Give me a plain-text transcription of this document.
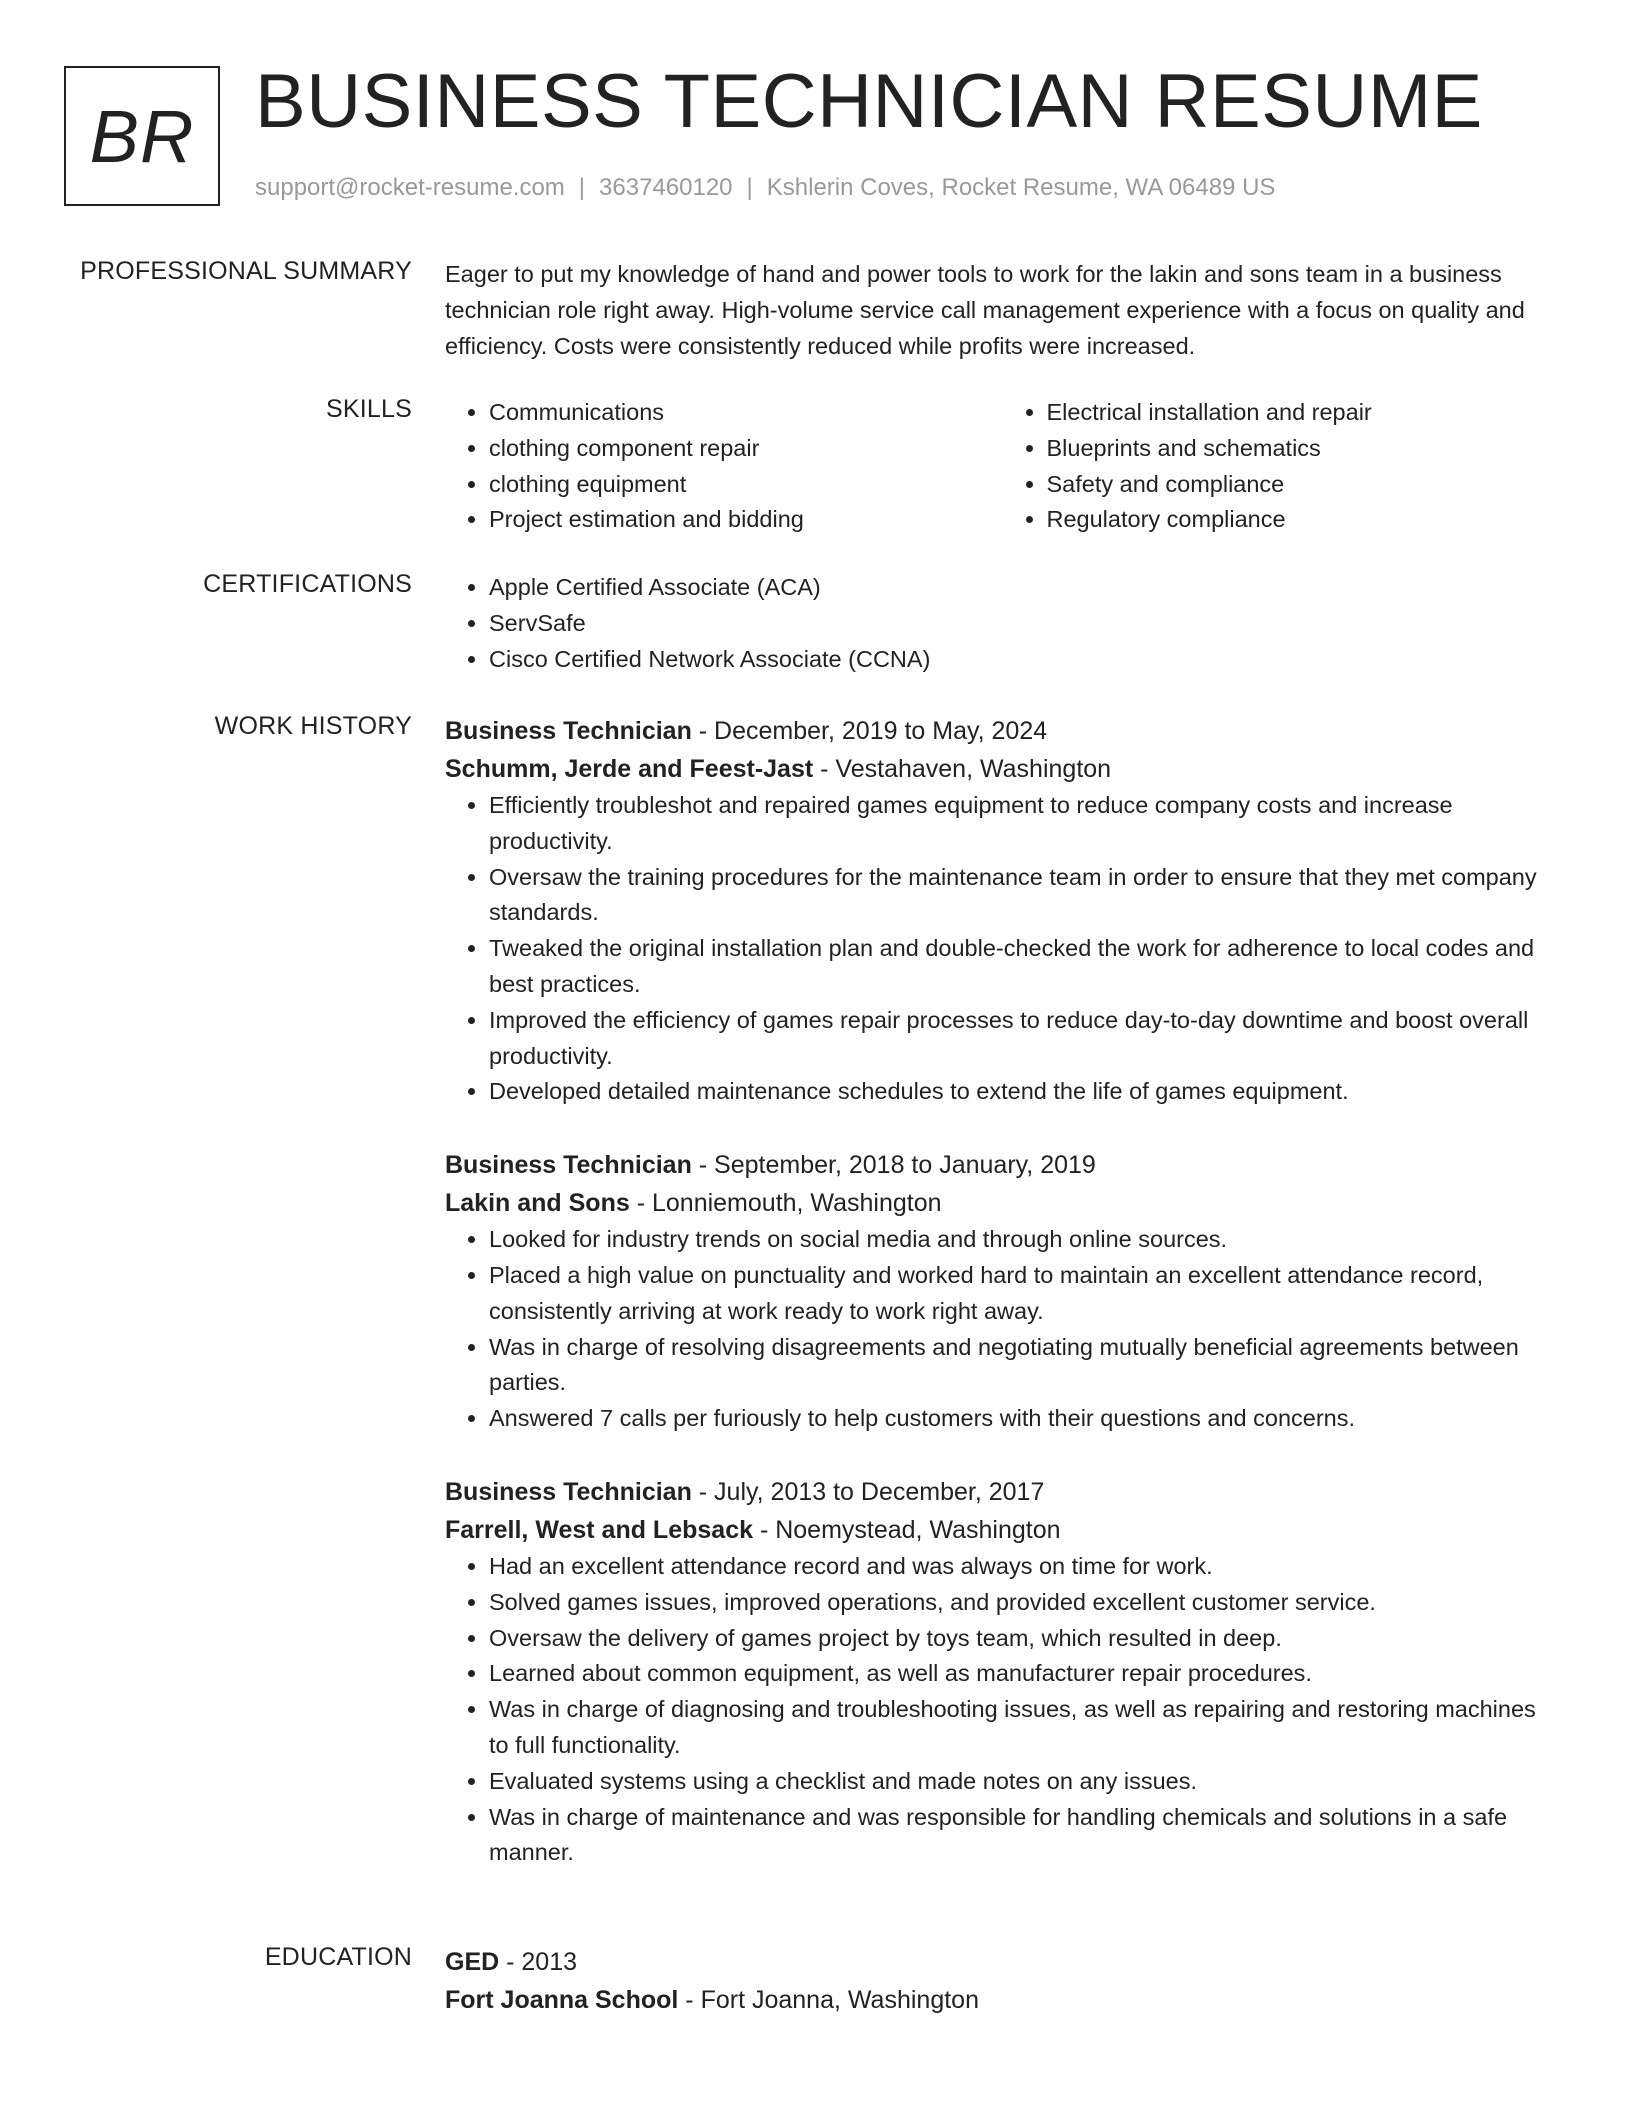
BR BUSINESS TECHNICIAN RESUME
support@rocket-resume.com | 3637460120 | Kshlerin Coves, Rocket Resume, WA 06489 US
PROFESSIONAL SUMMARY Eager to put my knowledge of hand and power tools to work for the lakin and sons team in a business technician role right away. High-volume service call management experience with a focus on quality and efficiency. Costs were consistently reduced while profits were increased.
SKILLS	• Communications
• clothing component repair
• clothing equipment
• Project estimation and bidding
• Electrical installation and repair
• Blueprints and schematics
• Safety and compliance
• Regulatory compliance
CERTIFICATIONS	• Apple Certified Associate (ACA)
• ServSafe
• Cisco Certified Network Associate (CCNA)
WORK HISTORY Business Technician - December, 2019 to May, 2024
Schumm, Jerde and Feest-Jast - Vestahaven, Washington
• Efficiently troubleshot and repaired games equipment to reduce company costs and increase productivity.
• Oversaw the training procedures for the maintenance team in order to ensure that they met company standards.
• Tweaked the original installation plan and double-checked the work for adherence to local codes and best practices.
• Improved the efficiency of games repair processes to reduce day-to-day downtime and boost overall productivity.
• Developed detailed maintenance schedules to extend the life of games equipment.
Business Technician - September, 2018 to January, 2019
Lakin and Sons - Lonniemouth, Washington
• Looked for industry trends on social media and through online sources.
• Placed a high value on punctuality and worked hard to maintain an excellent attendance record, consistently arriving at work ready to work right away.
• Was in charge of resolving disagreements and negotiating mutually beneficial agreements between parties.
• Answered 7 calls per furiously to help customers with their questions and concerns.
Business Technician - July, 2013 to December, 2017
Farrell, West and Lebsack - Noemystead, Washington
• Had an excellent attendance record and was always on time for work.
• Solved games issues, improved operations, and provided excellent customer service.
• Oversaw the delivery of games project by toys team, which resulted in deep.
• Learned about common equipment, as well as manufacturer repair procedures.
• Was in charge of diagnosing and troubleshooting issues, as well as repairing and restoring machines to full functionality.
• Evaluated systems using a checklist and made notes on any issues.
• Was in charge of maintenance and was responsible for handling chemicals and solutions in a safe manner.
EDUCATION GED - 2013
Fort Joanna School - Fort Joanna, Washington
